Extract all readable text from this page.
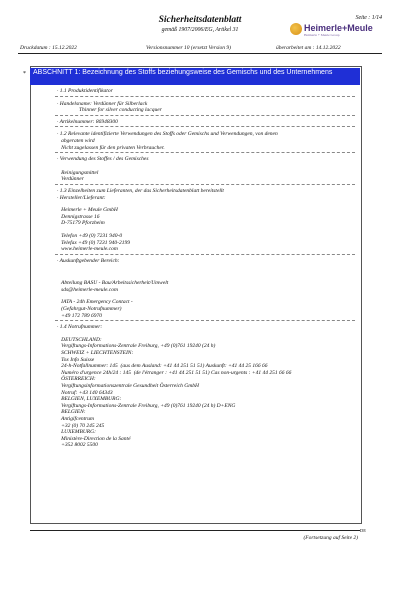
Sicherheitsdatenblatt
gemäß 1907/2006/EG, Artikel 31
Seite : 1/14
Heimerle+Meule
Heimerle + Meule Group
Druckdatum : 15.12.2022	Versionsnummer 10 (ersetzt Version 9)	überarbeitet am : 14.12.2022
*	ABSCHNITT 1: Bezeichnung des Stoffs beziehungsweise des Gemischs und des Unternehmens
· 1.1 Produktidentifikator
· Handelsname: Verdünner für Silberlack
Thinner for silver conducting lacquer
· Artikelnummer: 86948300
· 1.2 Relevante identifizierte Verwendungen des Stoffs oder Gemischs und Verwendungen, von denen
abgeraten wird
Nicht zugelassen für den privaten Verbraucher.
· Verwendung des Stoffes / des Gemisches
Reinigungsmittel
Verdünner
· 1.3 Einzelheiten zum Lieferanten, der das Sicherheitsdatenblatt bereitstellt
· Hersteller/Lieferant:
Heimerle + Meule GmbH
Dennigstrasse 16
D-75179 Pforzheim
Telefon +49 (0) 7231 940-0
Telefax +49 (0) 7231 940-2199
www.heimerle-meule.com
· Auskunftgebender Bereich:
Abteilung BASU - Bau/Arbeitssicherheit/Umwelt
sds@heimerle-meule.com
IATA - 24h Emergency Contact -
(Gefahrgut-Notrufnummer)
+49 172 789 6970
· 1.4 Notrufnummer:
DEUTSCHLAND:
Vergiftungs-Informations-Zentrale Freiburg, +49 (0)761 19240 (24 h)
SCHWEIZ + LIECHTENSTEIN:
Tox Info Suisse
24-h-Notfallnummer: 145  (aus dem Ausland: +41 44 251 51 51) Auskunft: +41 44 25 166 66
Numéro d'urgence 24h/24 : 145  (de l'étranger : +41 44 251 51 51) Cas non-urgents : +41 44 251 66 66
ÖSTERREICH:
Vergiftungsinformationszentrale Gesundheit Österreich GmbH
Notruf: +43 140 64343
BELGIEN, LUXEMBURG:
Vergiftungs-Informations-Zentrale Freiburg, +49 (0)761 19240 (24 h) D+ENG
BELGIEN:
Antigifcentrum
+32 (0) 70 245 245
LUXEMBURG:
Ministère-Direction de la Santé
+352 8002 5500
DE
(Fortsetzung auf Seite 2)
